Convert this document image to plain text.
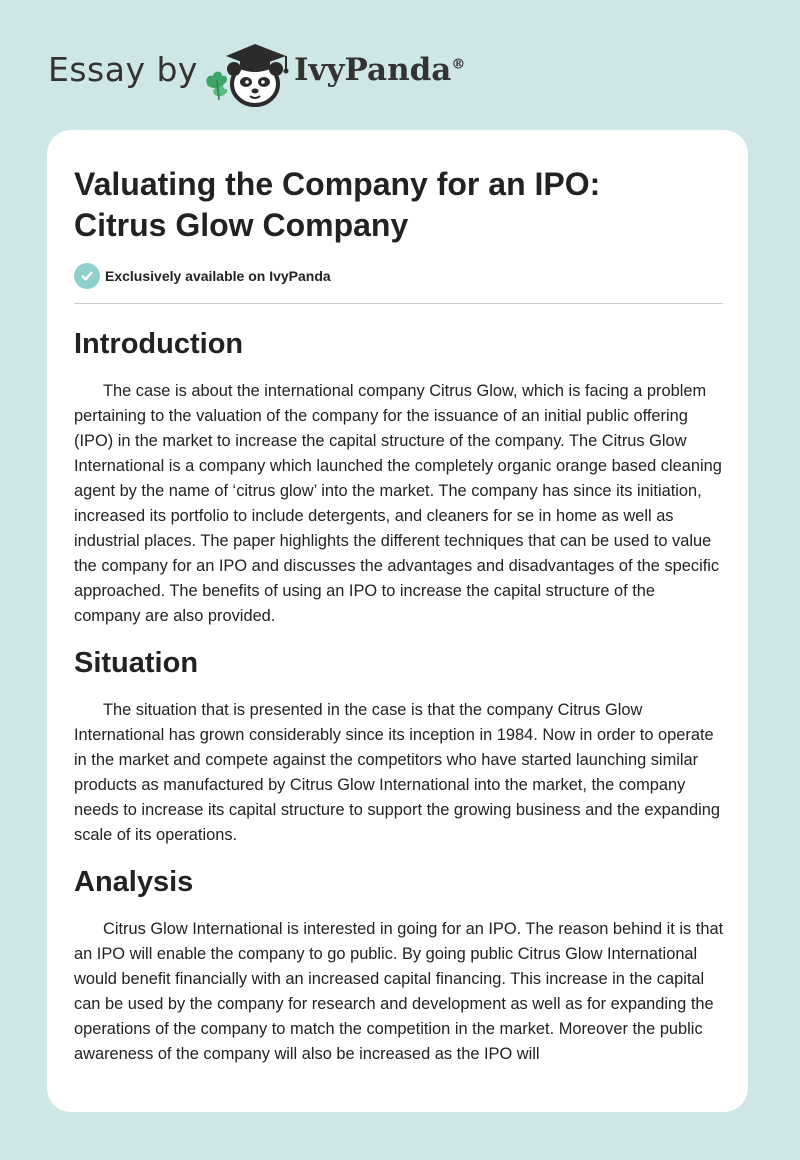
Essay by	IvyPanda®
Valuating the Company for an IPO:
Citrus Glow Company
Exclusively available on IvyPanda
Introduction

The case is about the international company Citrus Glow, which is facing a problem pertaining to the valuation of the company for the issuance of an initial public offering (IPO) in the market to increase the capital structure of the company. The Citrus Glow International is a company which launched the completely organic orange based cleaning agent by the name of ‘citrus glow’ into the market. The company has since its initiation, increased its portfolio to include detergents, and cleaners for se in home as well as industrial places. The paper highlights the different techniques that can be used to value the company for an IPO and discusses the advantages and disadvantages of the specific approached. The benefits of using an IPO to increase the capital structure of the company are also provided.

Situation

The situation that is presented in the case is that the company Citrus Glow International has grown considerably since its inception in 1984. Now in order to operate in the market and compete against the competitors who have started launching similar products as manufactured by Citrus Glow International into the market, the company needs to increase its capital structure to support the growing business and the expanding scale of its operations.

Analysis

Citrus Glow International is interested in going for an IPO. The reason behind it is that an IPO will enable the company to go public. By going public Citrus Glow International would benefit financially with an increased capital financing. This increase in the capital can be used by the company for research and development as well as for expanding the operations of the company to match the competition in the market. Moreover the public awareness of the company will also be increased as the IPO will
